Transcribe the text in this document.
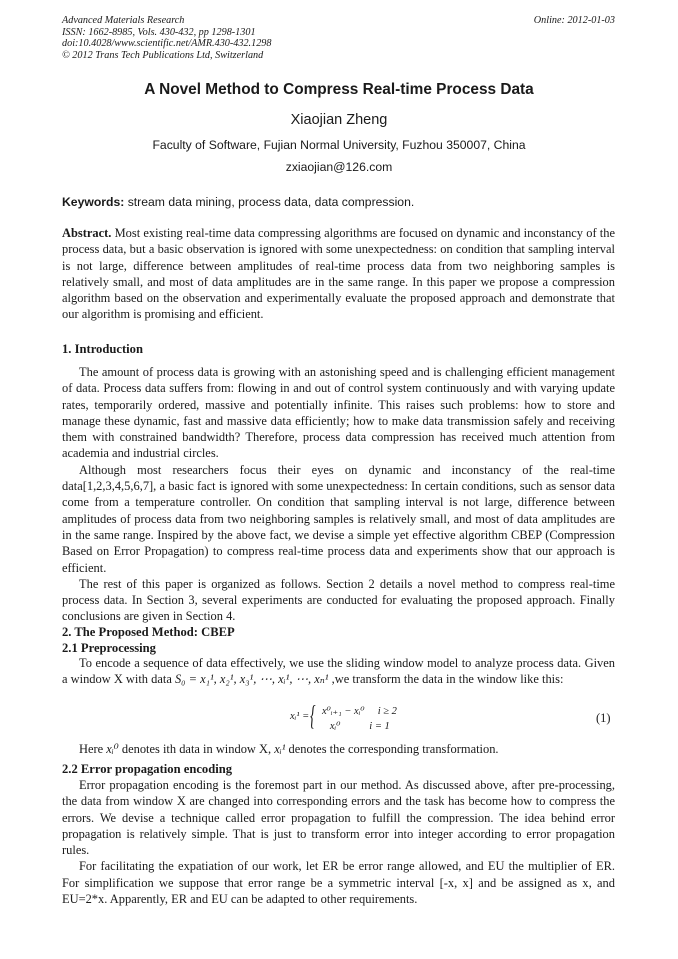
Advanced Materials Research
ISSN: 1662-8985, Vols. 430-432, pp 1298-1301
doi:10.4028/www.scientific.net/AMR.430-432.1298
© 2012 Trans Tech Publications Ltd, Switzerland
Online: 2012-01-03
A Novel Method to Compress Real-time Process Data
Xiaojian Zheng
Faculty of Software, Fujian Normal University, Fuzhou 350007, China
zxiaojian@126.com
Keywords: stream data mining, process data, data compression.

Abstract. Most existing real-time data compressing algorithms are focused on dynamic and inconstancy of the process data, but a basic observation is ignored with some unexpectedness: on condition that sampling interval is not large, difference between amplitudes of real-time process data from two neighboring samples is relatively small, and most of data amplitudes are in the same range. In this paper we propose a compression algorithm based on the observation and experimentally evaluate the proposed approach and demonstrate that our algorithm is promising and efficient.

1. Introduction

The amount of process data is growing with an astonishing speed and is challenging efficient management of data. Process data suffers from: flowing in and out of control system continuously and with varying update rates, temporarily ordered, massive and potentially infinite. This raises such problems: how to store and manage these dynamic, fast and massive data efficiently; how to make data transmission safely and receiving them with constrained bandwidth? Therefore, process data compression has received much attention from academia and industrial circles.

Although most researchers focus their eyes on dynamic and inconstancy of the real-time data[1,2,3,4,5,6,7], a basic fact is ignored with some unexpectedness: In certain conditions, such as sensor data come from a temperature controller. On condition that sampling interval is not large, difference between amplitudes of process data from two neighboring samples is relatively small, and most of data amplitudes are in the same range. Inspired by the above fact, we devise a simple yet effective algorithm CBEP (Compression Based on Error Propagation) to compress real-time process data and experiments show that our approach is efficient.

The rest of this paper is organized as follows. Section 2 details a novel method to compress real-time process data. In Section 3, several experiments are conducted for evaluating the proposed approach. Finally conclusions are given in Section 4.

2. The Proposed Method: CBEP
2.1 Preprocessing

To encode a sequence of data effectively, we use the sliding window model to analyze process data. Given a window X with data S₀ = x₁¹, x₂¹, x₃¹, ⋯, xᵢ¹, ⋯, xₙ¹ ,we transform the data in the window like this:

xᵢ¹ = { x⁰ᵢ₊₁ − xᵢ⁰ i ≥ 2
xᵢ⁰	i = 1
(1)

Here xᵢ⁰ denotes ith data in window X, xᵢ¹ denotes the corresponding transformation.

2.2 Error propagation encoding

Error propagation encoding is the foremost part in our method. As discussed above, after pre-processing, the data from window X are changed into corresponding errors and the task has become how to compress the errors. We devise a technique called error propagation to fulfill the compression. The idea behind error propagation is relatively simple. That is just to transform error into integer according to error propagation rules.

For facilitating the expatiation of our work, let ER be error range allowed, and EU the multiplier of ER. For simplification we suppose that error range be a symmetric interval [-x, x] and be assigned as x, and EU=2*x. Apparently, ER and EU can be adapted to other requirements.
